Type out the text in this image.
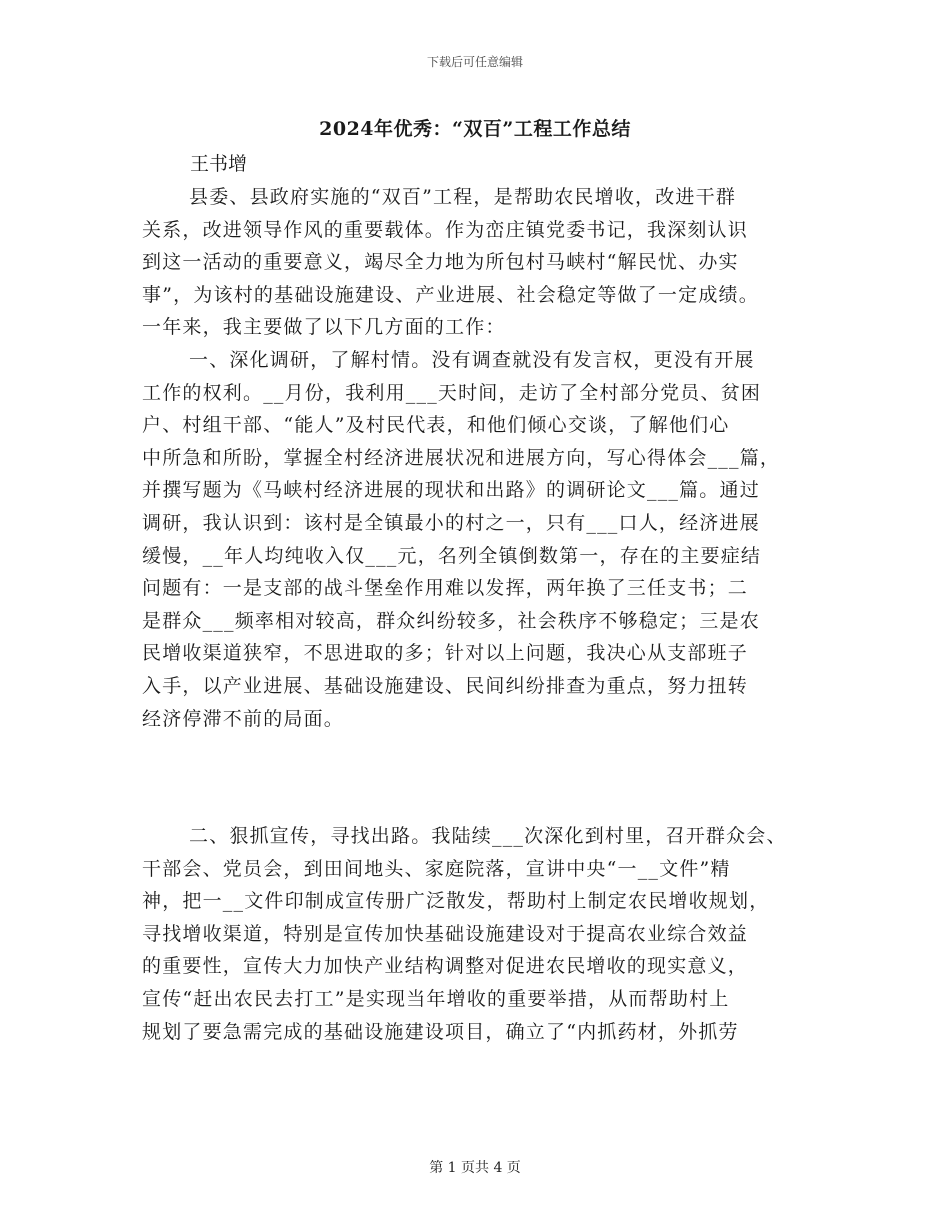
下载后可任意编辑
2024年优秀：“双百”工程工作总结
王书增
县委、县政府实施的“双百”工程，是帮助农民增收，改进干群
关系，改进领导作风的重要载体。作为峦庄镇党委书记，我深刻认识
到这一活动的重要意义，竭尽全力地为所包村马峡村“解民忧、办实
事”，为该村的基础设施建设、产业进展、社会稳定等做了一定成绩。
一年来，我主要做了以下几方面的工作：
一、深化调研，了解村情。没有调查就没有发言权，更没有开展
工作的权利。__月份，我利用___天时间，走访了全村部分党员、贫困
户、村组干部、“能人”及村民代表，和他们倾心交谈，了解他们心
中所急和所盼，掌握全村经济进展状况和进展方向，写心得体会___篇，
并撰写题为《马峡村经济进展的现状和出路》的调研论文___篇。通过
调研，我认识到：该村是全镇最小的村之一，只有___口人，经济进展
缓慢，__年人均纯收入仅___元，名列全镇倒数第一，存在的主要症结
问题有：一是支部的战斗堡垒作用难以发挥，两年换了三任支书；二
是群众___频率相对较高，群众纠纷较多，社会秩序不够稳定；三是农
民增收渠道狭窄，不思进取的多；针对以上问题，我决心从支部班子
入手，以产业进展、基础设施建设、民间纠纷排查为重点，努力扭转
经济停滞不前的局面。
二、狠抓宣传，寻找出路。我陆续___次深化到村里，召开群众会、
干部会、党员会，到田间地头、家庭院落，宣讲中央“一__文件”精
神，把一__文件印制成宣传册广泛散发，帮助村上制定农民增收规划，
寻找增收渠道，特别是宣传加快基础设施建设对于提高农业综合效益
的重要性，宣传大力加快产业结构调整对促进农民增收的现实意义，
宣传“赶出农民去打工”是实现当年增收的重要举措，从而帮助村上
规划了要急需完成的基础设施建设项目，确立了“内抓药材，外抓劳
第 1 页共 4 页
